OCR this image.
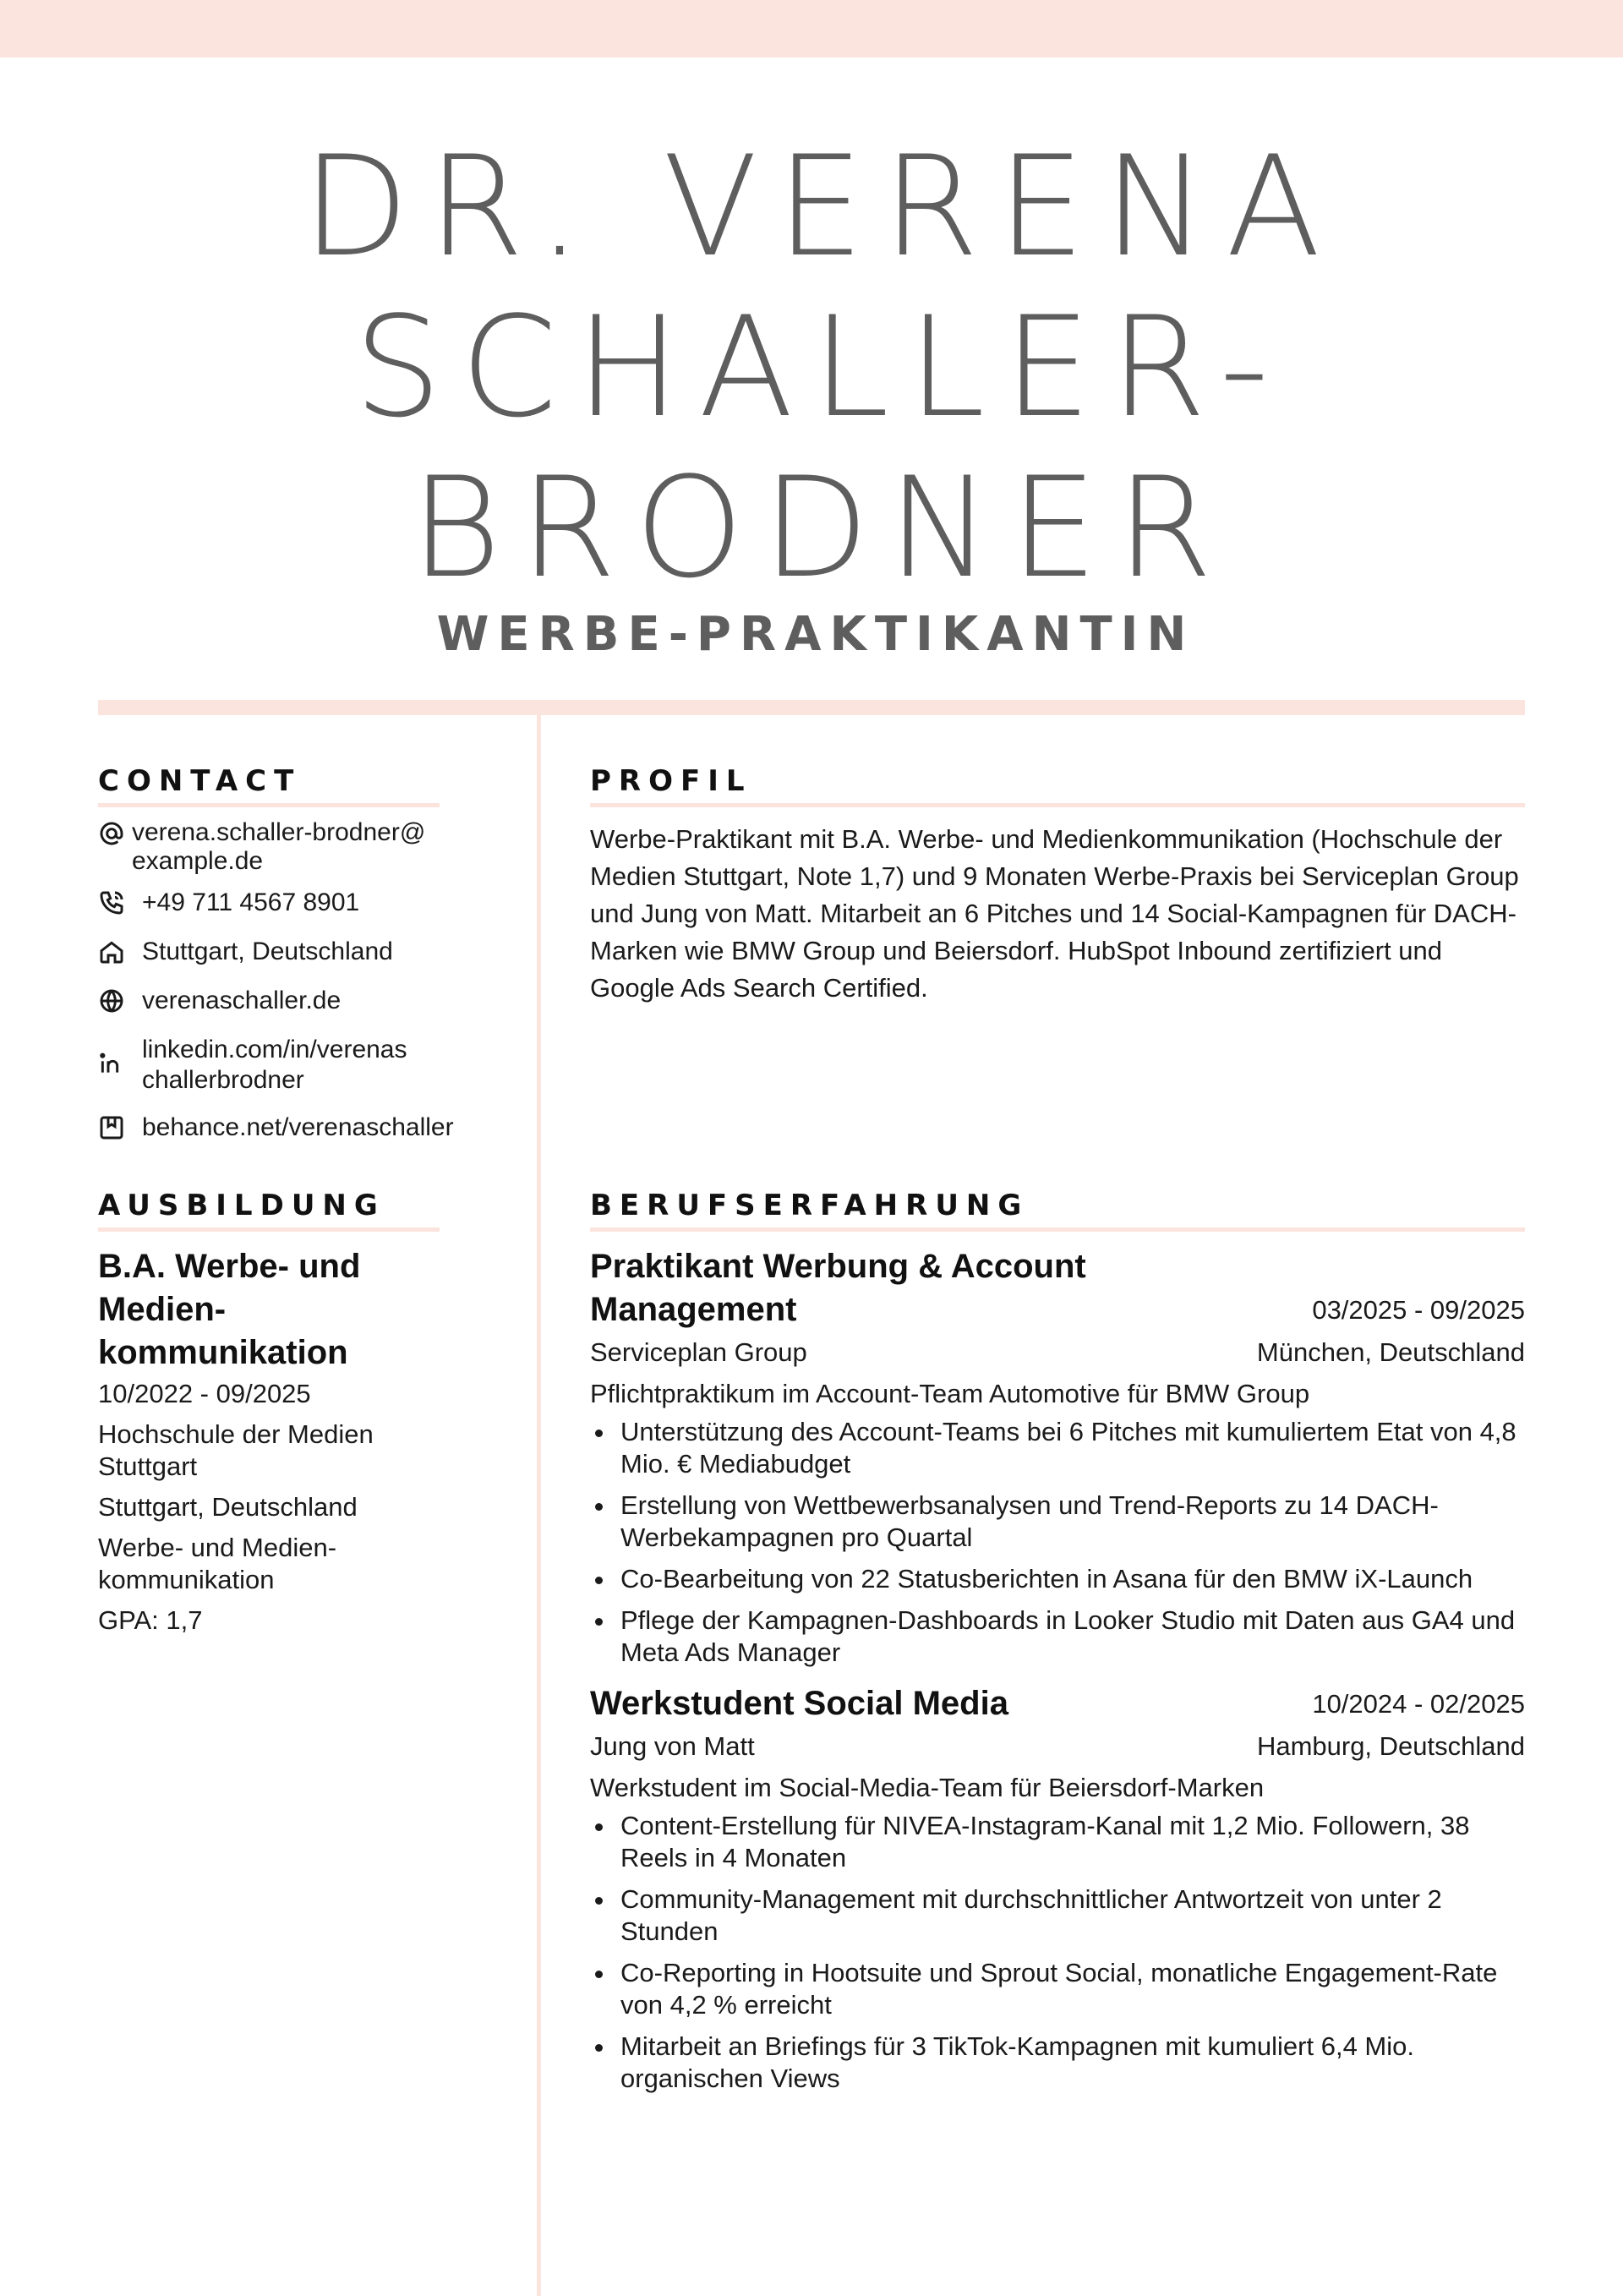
DR. VERENA
SCHALLER-
BRODNER
WERBE-PRAKTIKANTIN
CONTACT
verena.schaller-brodner@
example.de
+49 711 4567 8901
Stuttgart, Deutschland
verenaschaller.de
linkedin.com/in/verenas
challerbrodner
behance.net/verenaschaller
AUSBILDUNG
B.A. Werbe- und Medien-kommunikation
10/2022 - 09/2025
Hochschule der Medien Stuttgart
Stuttgart, Deutschland
Werbe- und Medien-kommunikation
GPA: 1,7
PROFIL
Werbe-Praktikant mit B.A. Werbe- und Medienkommunikation (Hochschule der Medien Stuttgart, Note 1,7) und 9 Monaten Werbe-Praxis bei Serviceplan Group und Jung von Matt. Mitarbeit an 6 Pitches und 14 Social-Kampagnen für DACH-Marken wie BMW Group und Beiersdorf. HubSpot Inbound zertifiziert und Google Ads Search Certified.
BERUFSERFAHRUNG
Praktikant Werbung & Account Management	03/2025 - 09/2025
Serviceplan Group	München, Deutschland
Pflichtpraktikum im Account-Team Automotive für BMW Group
Unterstützung des Account-Teams bei 6 Pitches mit kumuliertem Etat von 4,8 Mio. € Mediabudget
Erstellung von Wettbewerbsanalysen und Trend-Reports zu 14 DACH-Werbekampagnen pro Quartal
Co-Bearbeitung von 22 Statusberichten in Asana für den BMW iX-Launch
Pflege der Kampagnen-Dashboards in Looker Studio mit Daten aus GA4 und Meta Ads Manager
Werkstudent Social Media	10/2024 - 02/2025
Jung von Matt	Hamburg, Deutschland
Werkstudent im Social-Media-Team für Beiersdorf-Marken
Content-Erstellung für NIVEA-Instagram-Kanal mit 1,2 Mio. Followern, 38 Reels in 4 Monaten
Community-Management mit durchschnittlicher Antwortzeit von unter 2 Stunden
Co-Reporting in Hootsuite und Sprout Social, monatliche Engagement-Rate von 4,2 % erreicht
Mitarbeit an Briefings für 3 TikTok-Kampagnen mit kumuliert 6,4 Mio. organischen Views
